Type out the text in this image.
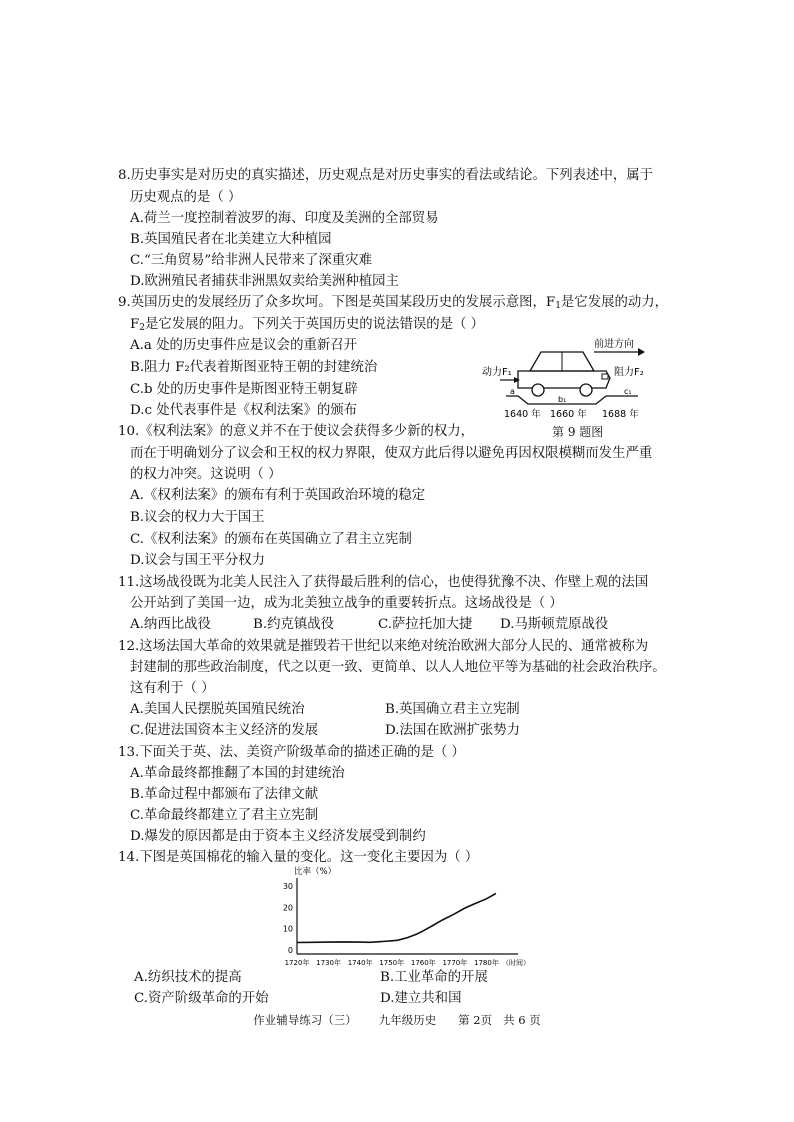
8.历史事实是对历史的真实描述，历史观点是对历史事实的看法或结论。下列表述中，属于
历史观点的是（ ）
A.荷兰一度控制着波罗的海、印度及美洲的全部贸易
B.英国殖民者在北美建立大种植园
C.“三角贸易”给非洲人民带来了深重灾难
D.欧洲殖民者捕获非洲黑奴卖给美洲种植园主
9.英国历史的发展经历了众多坎坷。下图是英国某段历史的发展示意图，$F_1$是它发展的动力，
$F_2$是它发展的阻力。下列关于英国历史的说法错误的是（ ）
A.a 处的历史事件应是议会的重新召开
B.阻力 F₂代表着斯图亚特王朝的封建统治
C.b 处的历史事件是斯图亚特王朝复辟
D.c 处代表事件是《权利法案》的颁布
前进方向
动力F₁	阻力F₂
a
b₁
c₁
1640 年 1660 年 1688 年
第 9 题图
10.《权利法案》的意义并不在于使议会获得多少新的权力，
而在于明确划分了议会和王权的权力界限，使双方此后得以避免再因权限模糊而发生严重
的权力冲突。这说明（ ）
A.《权利法案》的颁布有利于英国政治环境的稳定
B.议会的权力大于国王
C.《权利法案》的颁布在英国确立了君主立宪制
D.议会与国王平分权力
11.这场战役既为北美人民注入了获得最后胜利的信心，也使得犹豫不决、作壁上观的法国
公开站到了美国一边，成为北美独立战争的重要转折点。这场战役是（ ）
A.纳西比战役	B.约克镇战役	C.萨拉托加大捷 D.马斯顿荒原战役
12.这场法国大革命的效果就是摧毁若干世纪以来绝对统治欧洲大部分人民的、通常被称为
封建制的那些政治制度，代之以更一致、更简单、以人人地位平等为基础的社会政治秩序。
这有利于（ ）
A.美国人民摆脱英国殖民统治	B.英国确立君主立宪制
C.促进法国资本主义经济的发展	D.法国在欧洲扩张势力
13.下面关于英、法、美资产阶级革命的描述正确的是（ ）
A.革命最终都推翻了本国的封建统治
B.革命过程中都颁布了法律文献
C.革命最终都建立了君主立宪制
D.爆发的原因都是由于资本主义经济发展受到制约
14.下图是英国棉花的输入量的变化。这一变化主要因为（ ）
比率（%）
0
10
20
30
1720年 1730年 1740年 1750年 1760年 1770年 1780年 （时间）
A.纺织技术的提高	B.工业革命的开展
C.资产阶级革命的开始	D.建立共和国
作业辅导练习（三）      九年级历史      第 2页   共 6 页
